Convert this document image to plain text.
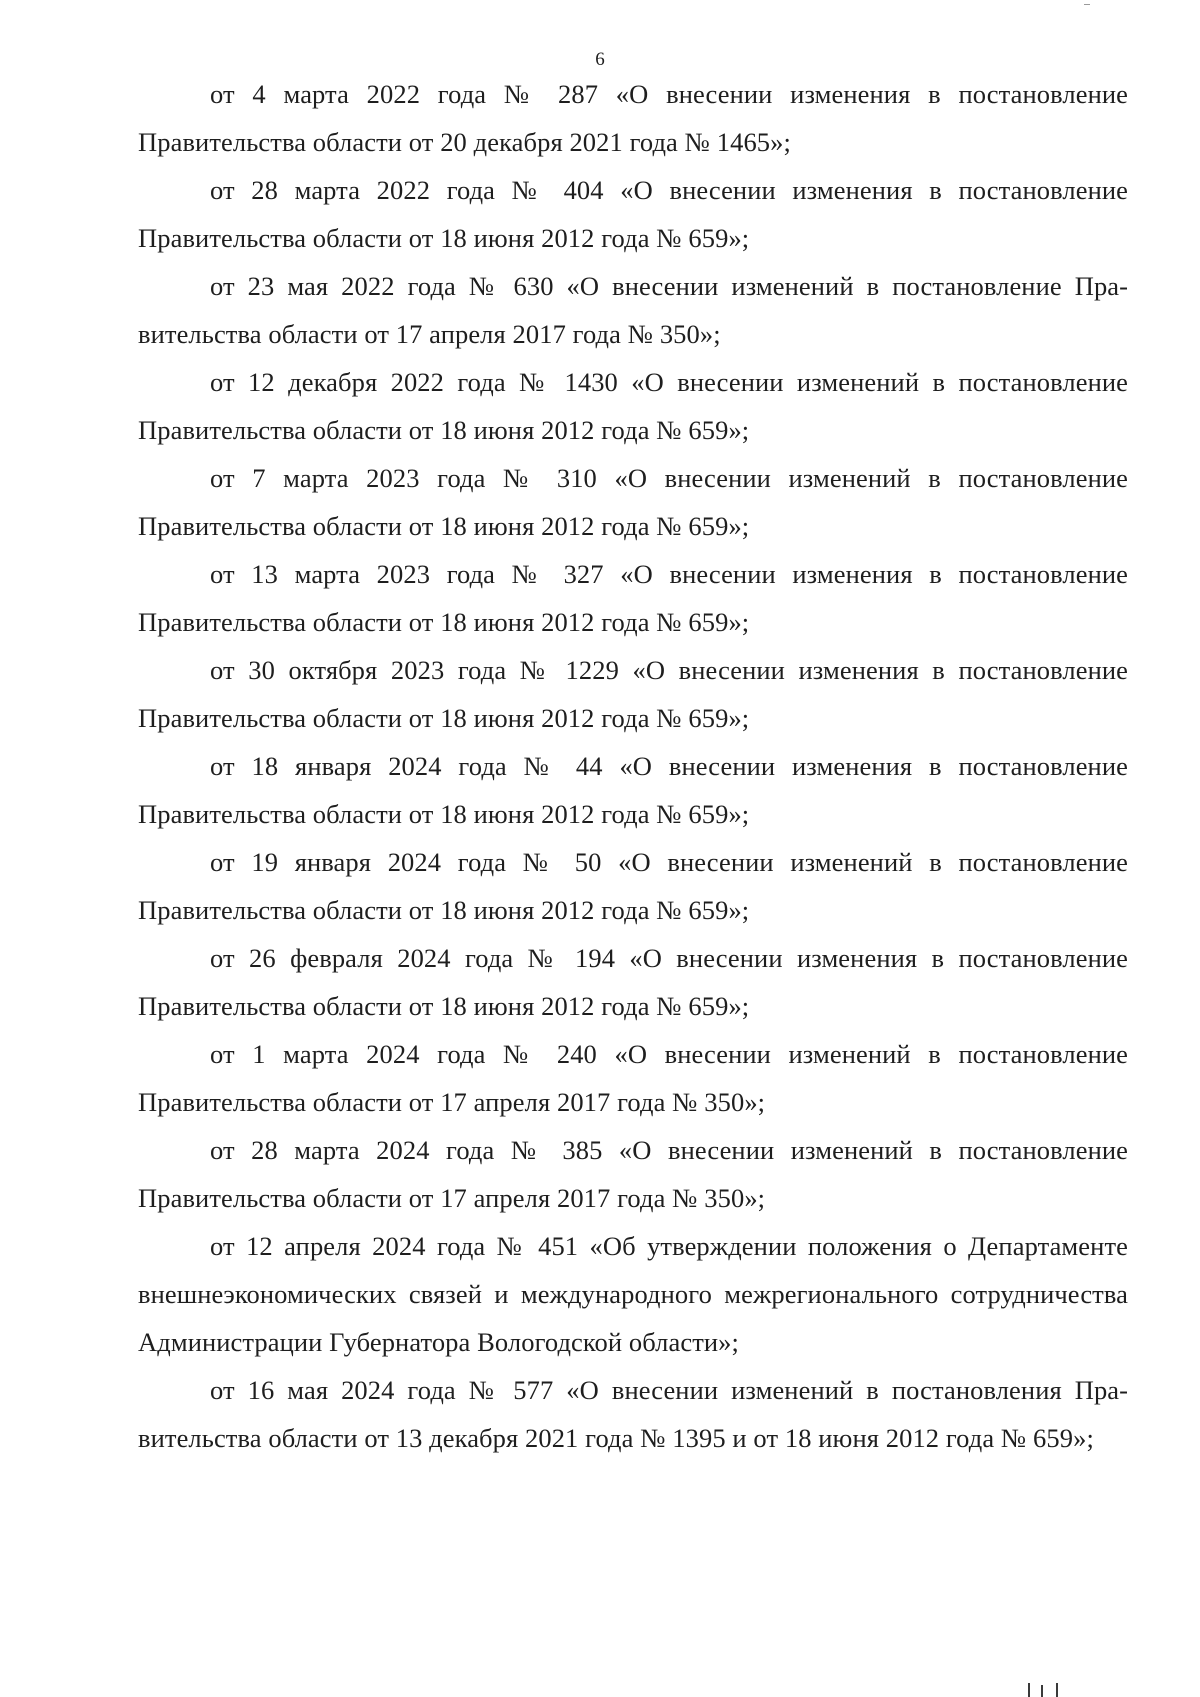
6

от 4 марта 2022 года № 287 «О внесении изменения в постановление Правительства области от 20 декабря 2021 года № 1465»;

от 28 марта 2022 года № 404 «О внесении изменения в постановление Правительства области от 18 июня 2012 года № 659»;

от 23 мая 2022 года № 630 «О внесении изменений в постановление Правительства области от 17 апреля 2017 года № 350»;

от 12 декабря 2022 года № 1430 «О внесении изменений в постановление Правительства области от 18 июня 2012 года № 659»;

от 7 марта 2023 года № 310 «О внесении изменений в постановление Правительства области от 18 июня 2012 года № 659»;

от 13 марта 2023 года № 327 «О внесении изменения в постановление Правительства области от 18 июня 2012 года № 659»;

от 30 октября 2023 года № 1229 «О внесении изменения в постановление Правительства области от 18 июня 2012 года № 659»;

от 18 января 2024 года № 44 «О внесении изменения в постановление Правительства области от 18 июня 2012 года № 659»;

от 19 января 2024 года № 50 «О внесении изменений в постановление Правительства области от 18 июня 2012 года № 659»;

от 26 февраля 2024 года № 194 «О внесении изменения в постановление Правительства области от 18 июня 2012 года № 659»;

от 1 марта 2024 года № 240 «О внесении изменений в постановление Правительства области от 17 апреля 2017 года № 350»;

от 28 марта 2024 года № 385 «О внесении изменений в постановление Правительства области от 17 апреля 2017 года № 350»;

от 12 апреля 2024 года № 451 «Об утверждении положения о Департаменте внешнеэкономических связей и международного межрегионального сотрудничества Администрации Губернатора Вологодской области»;

от 16 мая 2024 года № 577 «О внесении изменений в постановления Правительства области от 13 декабря 2021 года № 1395 и от 18 июня 2012 года № 659»;
